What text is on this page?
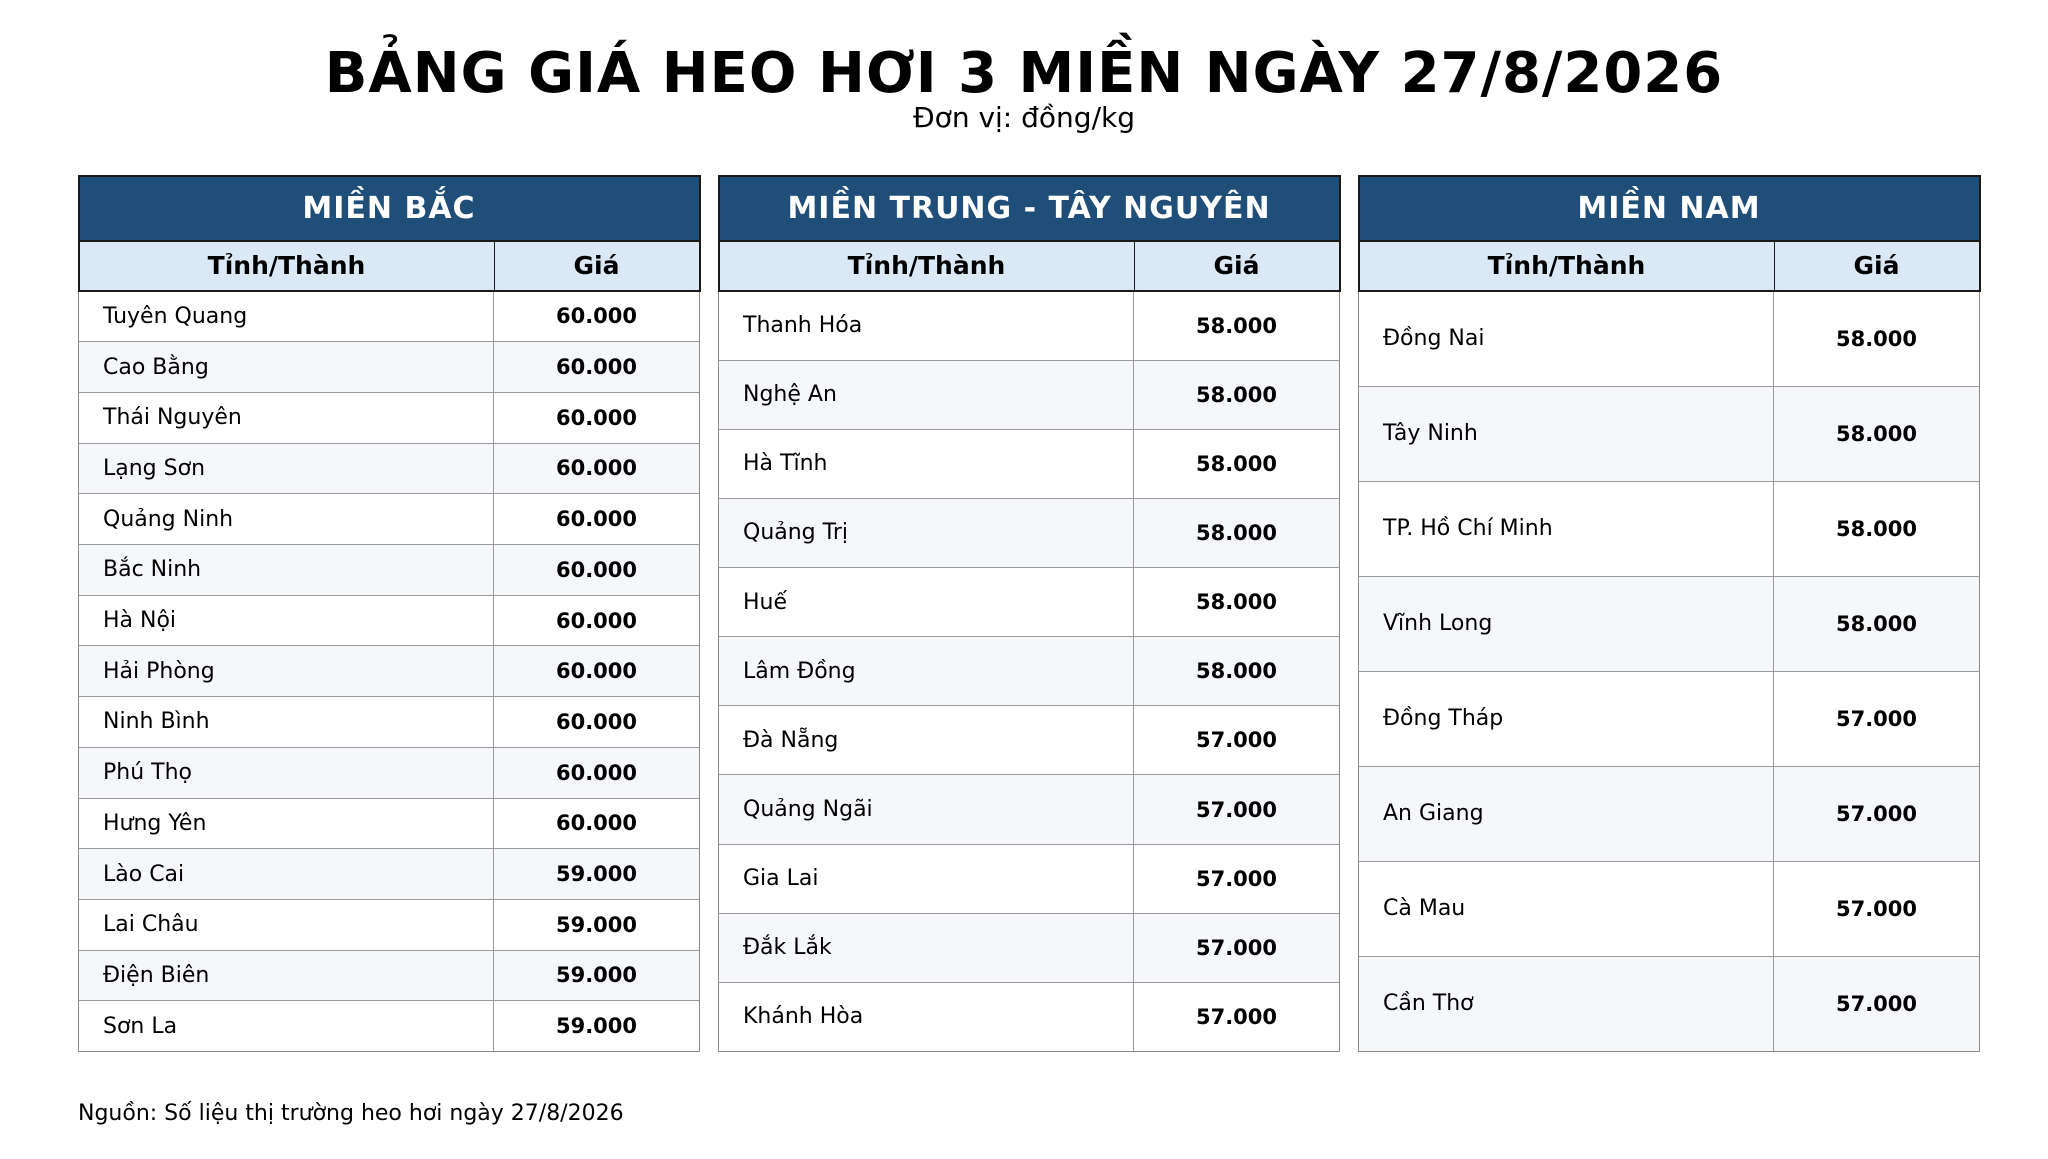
BẢNG GIÁ HEO HƠI 3 MIỀN NGÀY 27/8/2026
Đơn vị: đồng/kg
MIỀN BẮC
Tỉnh/Thành	Giá
Tuyên Quang	60.000
Cao Bằng	60.000
Thái Nguyên	60.000
Lạng Sơn	60.000
Quảng Ninh	60.000
Bắc Ninh	60.000
Hà Nội	60.000
Hải Phòng	60.000
Ninh Bình	60.000
Phú Thọ	60.000
Hưng Yên	60.000
Lào Cai	59.000
Lai Châu	59.000
Điện Biên	59.000
Sơn La	59.000
MIỀN TRUNG - TÂY NGUYÊN
Tỉnh/Thành	Giá
Thanh Hóa	58.000
Nghệ An	58.000
Hà Tĩnh	58.000
Quảng Trị	58.000
Huế	58.000
Lâm Đồng	58.000
Đà Nẵng	57.000
Quảng Ngãi	57.000
Gia Lai	57.000
Đắk Lắk	57.000
Khánh Hòa	57.000
MIỀN NAM
Tỉnh/Thành	Giá
Đồng Nai	58.000
Tây Ninh	58.000
TP. Hồ Chí Minh	58.000
Vĩnh Long	58.000
Đồng Tháp	57.000
An Giang	57.000
Cà Mau	57.000
Cần Thơ	57.000
Nguồn: Số liệu thị trường heo hơi ngày 27/8/2026
